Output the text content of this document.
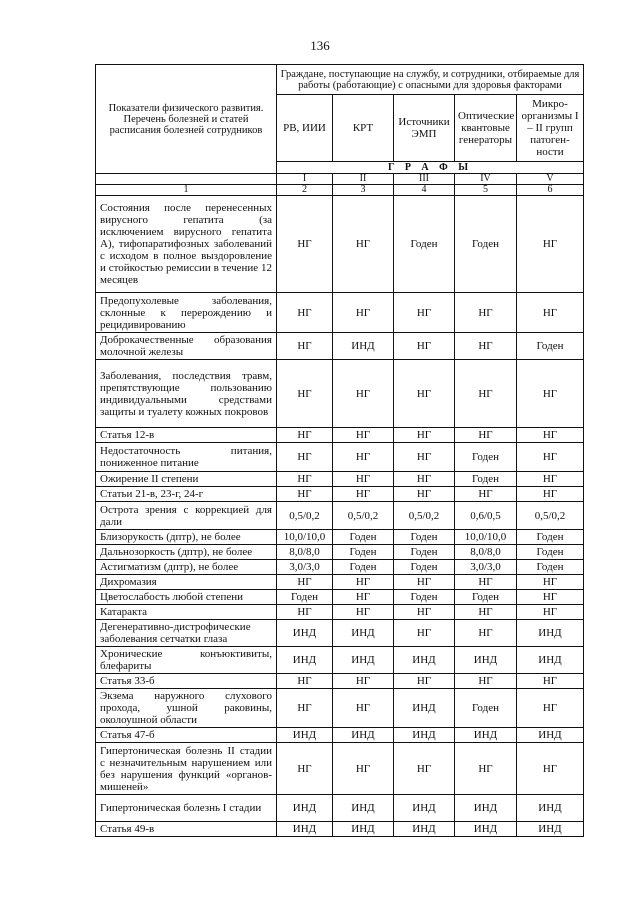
136
Показатели физического развития. Перечень болезней и статей расписания болезней сотрудников	Граждане, поступающие на службу, и сотрудники, отбираемые для работы (работающие) с опасными для здоровья факторами				
	РВ, ИИИ	КРТ	Источники ЭМП	Оптические квантовые генераторы	Микро-организмы I – II групп патоген-ности
	Г Р А Ф Ы				
	I	II	III	IV	V
1	2	3	4	5	6
Состояния после перенесенных вирусного гепатита (за исключением вирусного гепатита А), тифопаратифозных заболеваний с исходом в полное выздоровление и стойкостью ремиссии в течение 12 месяцев	НГ	НГ	Годен	Годен	НГ
Предопухолевые заболевания, склонные к перерождению и рецидивированию	НГ	НГ	НГ	НГ	НГ
Доброкачественные образования молочной железы	НГ	ИНД	НГ	НГ	Годен
Заболевания, последствия травм, препятствующие пользованию индивидуальными средствами защиты и туалету кожных покровов	НГ	НГ	НГ	НГ	НГ
Статья 12-в	НГ	НГ	НГ	НГ	НГ
Недостаточность питания, пониженное питание	НГ	НГ	НГ	Годен	НГ
Ожирение II степени	НГ	НГ	НГ	Годен	НГ
Статьи 21-в, 23-г, 24-г	НГ	НГ	НГ	НГ	НГ
Острота зрения с коррекцией для дали	0,5/0,2	0,5/0,2	0,5/0,2	0,6/0,5	0,5/0,2
Близорукость (дптр), не более	10,0/10,0	Годен	Годен	10,0/10,0	Годен
Дальнозоркость (дптр), не более	8,0/8,0	Годен	Годен	8,0/8,0	Годен
Астигматизм (дптр), не более	3,0/3,0	Годен	Годен	3,0/3,0	Годен
Дихромазия	НГ	НГ	НГ	НГ	НГ
Цветослабость любой степени	Годен	НГ	Годен	Годен	НГ
Катаракта	НГ	НГ	НГ	НГ	НГ
Дегенеративно-дистрофические заболевания сетчатки глаза	ИНД	ИНД	НГ	НГ	ИНД
Хронические конъюктивиты, блефариты	ИНД	ИНД	ИНД	ИНД	ИНД
Статья 33-б	НГ	НГ	НГ	НГ	НГ
Экзема наружного слухового прохода, ушной раковины, околоушной области	НГ	НГ	ИНД	Годен	НГ
Статья 47-б	ИНД	ИНД	ИНД	ИНД	ИНД
Гипертоническая болезнь II стадии с незначительным нарушением или без нарушения функций «органов-мишеней»	НГ	НГ	НГ	НГ	НГ
Гипертоническая болезнь I стадии	ИНД	ИНД	ИНД	ИНД	ИНД
Статья 49-в	ИНД	ИНД	ИНД	ИНД	ИНД
